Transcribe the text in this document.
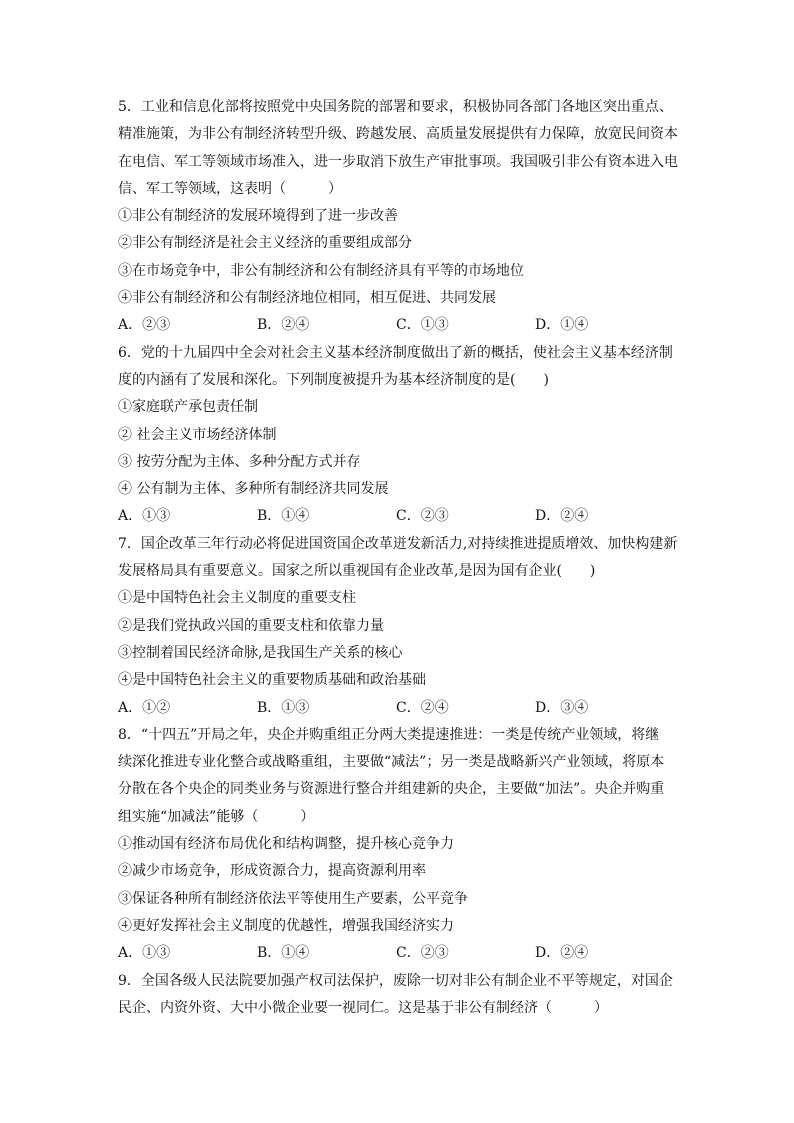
5．工业和信息化部将按照党中央国务院的部署和要求，积极协同各部门各地区突出重点、
精准施策，为非公有制经济转型升级、跨越发展、高质量发展提供有力保障，放宽民间资本
在电信、军工等领域市场准入，进一步取消下放生产审批事项。我国吸引非公有资本进入电
信、军工等领域，这表明（　　　）
①非公有制经济的发展环境得到了进一步改善
②非公有制经济是社会主义经济的重要组成部分
③在市场竞争中，非公有制经济和公有制经济具有平等的市场地位
④非公有制经济和公有制经济地位相同，相互促进、共同发展
A．②③	B．②④	C．①③	D．①④
6．党的十九届四中全会对社会主义基本经济制度做出了新的概括，使社会主义基本经济制
度的内涵有了发展和深化。下列制度被提升为基本经济制度的是(　　)
①家庭联产承包责任制
② 社会主义市场经济体制
③ 按劳分配为主体、多种分配方式并存
④ 公有制为主体、多种所有制经济共同发展
A．①③	B．①④	C．②③	D．②④
7．国企改革三年行动必将促进国资国企改革迸发新活力,对持续推进提质增效、加快构建新
发展格局具有重要意义。国家之所以重视国有企业改革,是因为国有企业(　　)
①是中国特色社会主义制度的重要支柱
②是我们党执政兴国的重要支柱和依靠力量
③控制着国民经济命脉,是我国生产关系的核心
④是中国特色社会主义的重要物质基础和政治基础
A．①②	B．①③	C．②④	D．③④
8．“十四五”开局之年，央企并购重组正分两大类提速推进：一类是传统产业领域，将继
续深化推进专业化整合或战略重组，主要做“减法”；另一类是战略新兴产业领域，将原本
分散在各个央企的同类业务与资源进行整合并组建新的央企，主要做“加法”。央企并购重
组实施“加减法”能够（　　　）
①推动国有经济布局优化和结构调整，提升核心竞争力
②减少市场竞争，形成资源合力，提高资源利用率
③保证各种所有制经济依法平等使用生产要素，公平竞争
④更好发挥社会主义制度的优越性，增强我国经济实力
A．①③	B．①④	C．②③	D．②④
9．全国各级人民法院要加强产权司法保护，废除一切对非公有制企业不平等规定，对国企
民企、内资外资、大中小微企业要一视同仁。这是基于非公有制经济（　　　）
